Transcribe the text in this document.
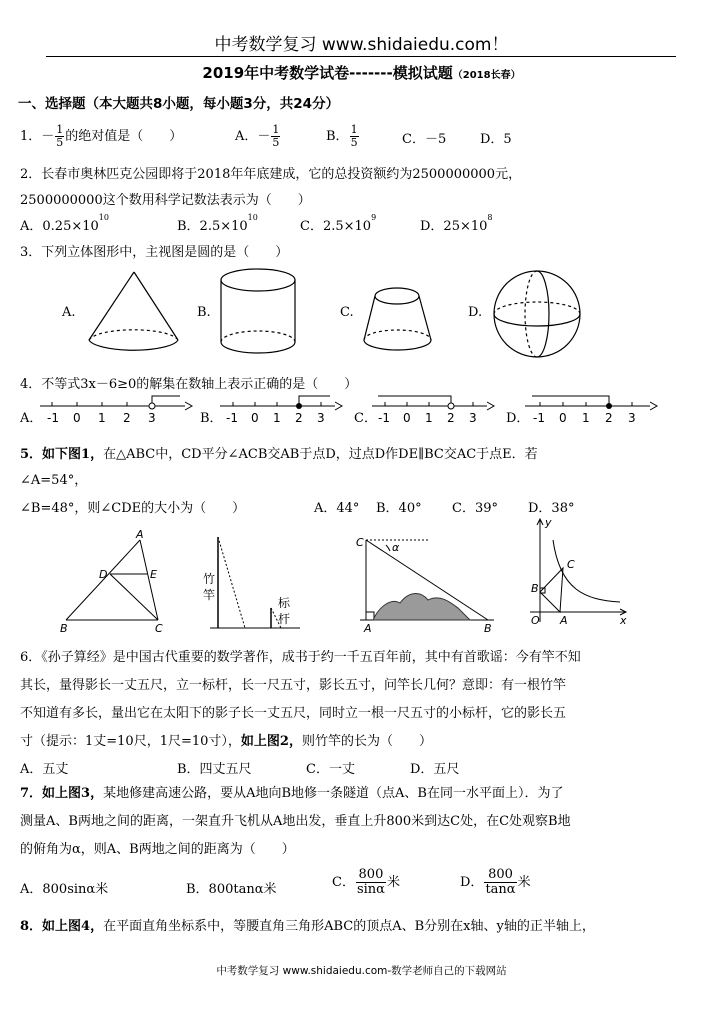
中考数学复习 www.shidaiedu.com！
2019年中考数学试卷-------模拟试题（2018长春）
一、选择题（本大题共8小题，每小题3分，共24分）
1．－ $\frac{1}{5}$ 的绝对值是（　　）	A．－ $\frac{1}{5}$	B． $\frac{1}{5}$	C．－5	D．5
2．长春市奥林匹克公园即将于2018年年底建成，它的总投资额约为2500000000元，
2500000000这个数用科学记数法表示为（　　）
A．$0.25\times 10^{10}$
B．$2.5\times 10^{10}$
C．$2.5\times 10^9$
D．$25\times 10^8$
3．下列立体图形中，主视图是圆的是（　　）
A.	B.	C.	D.
4．不等式3x－6≥0的解集在数轴上表示正确的是（　　）
A．	B．	C．	D．
-1 0 1 2 3	-1 0 1 2 3	-1 0 1 2 3	-1 0 1 2 3
5．如下图1，在△ABC中，CD平分∠ACB交AB于点D，过点D作DE∥BC交AC于点E．若
∠A=54°，
∠B=48°，则∠CDE的大小为（　　）	A．44° B．40° C．39° D．38°
A
D	E
B	C
竹
竿
标
杆
C	α
A	B
y
C
B
O A	x
6．《孙子算经》是中国古代重要的数学著作，成书于约一千五百年前，其中有首歌谣：今有竿不知
其长，量得影长一丈五尺，立一标杆，长一尺五寸，影长五寸，问竿长几何？意即：有一根竹竿
不知道有多长，量出它在太阳下的影子长一丈五尺，同时立一根一尺五寸的小标杆，它的影长五
寸（提示：1丈=10尺，1尺=10寸），如上图2，则竹竿的长为（　　）
A．五丈	B．四丈五尺	C．一丈	D．五尺
7．如上图3，某地修建高速公路，要从A地向B地修一条隧道（点A、B在同一水平面上）．为了
测量A、B两地之间的距离，一架直升飞机从A地出发，垂直上升800米到达C处，在C处观察B地
的俯角为α，则A、B两地之间的距离为（　　）
A．800sinα米	B．800tanα米	C． $\frac{800}{\sin\alpha}$ 米	D． $\frac{800}{\tan\alpha}$ 米
8．如上图4，在平面直角坐标系中，等腰直角三角形ABC的顶点A、B分别在x轴、y轴的正半轴上，
中考数学复习 www.shidaiedu.com-数学老师自己的下载网站
